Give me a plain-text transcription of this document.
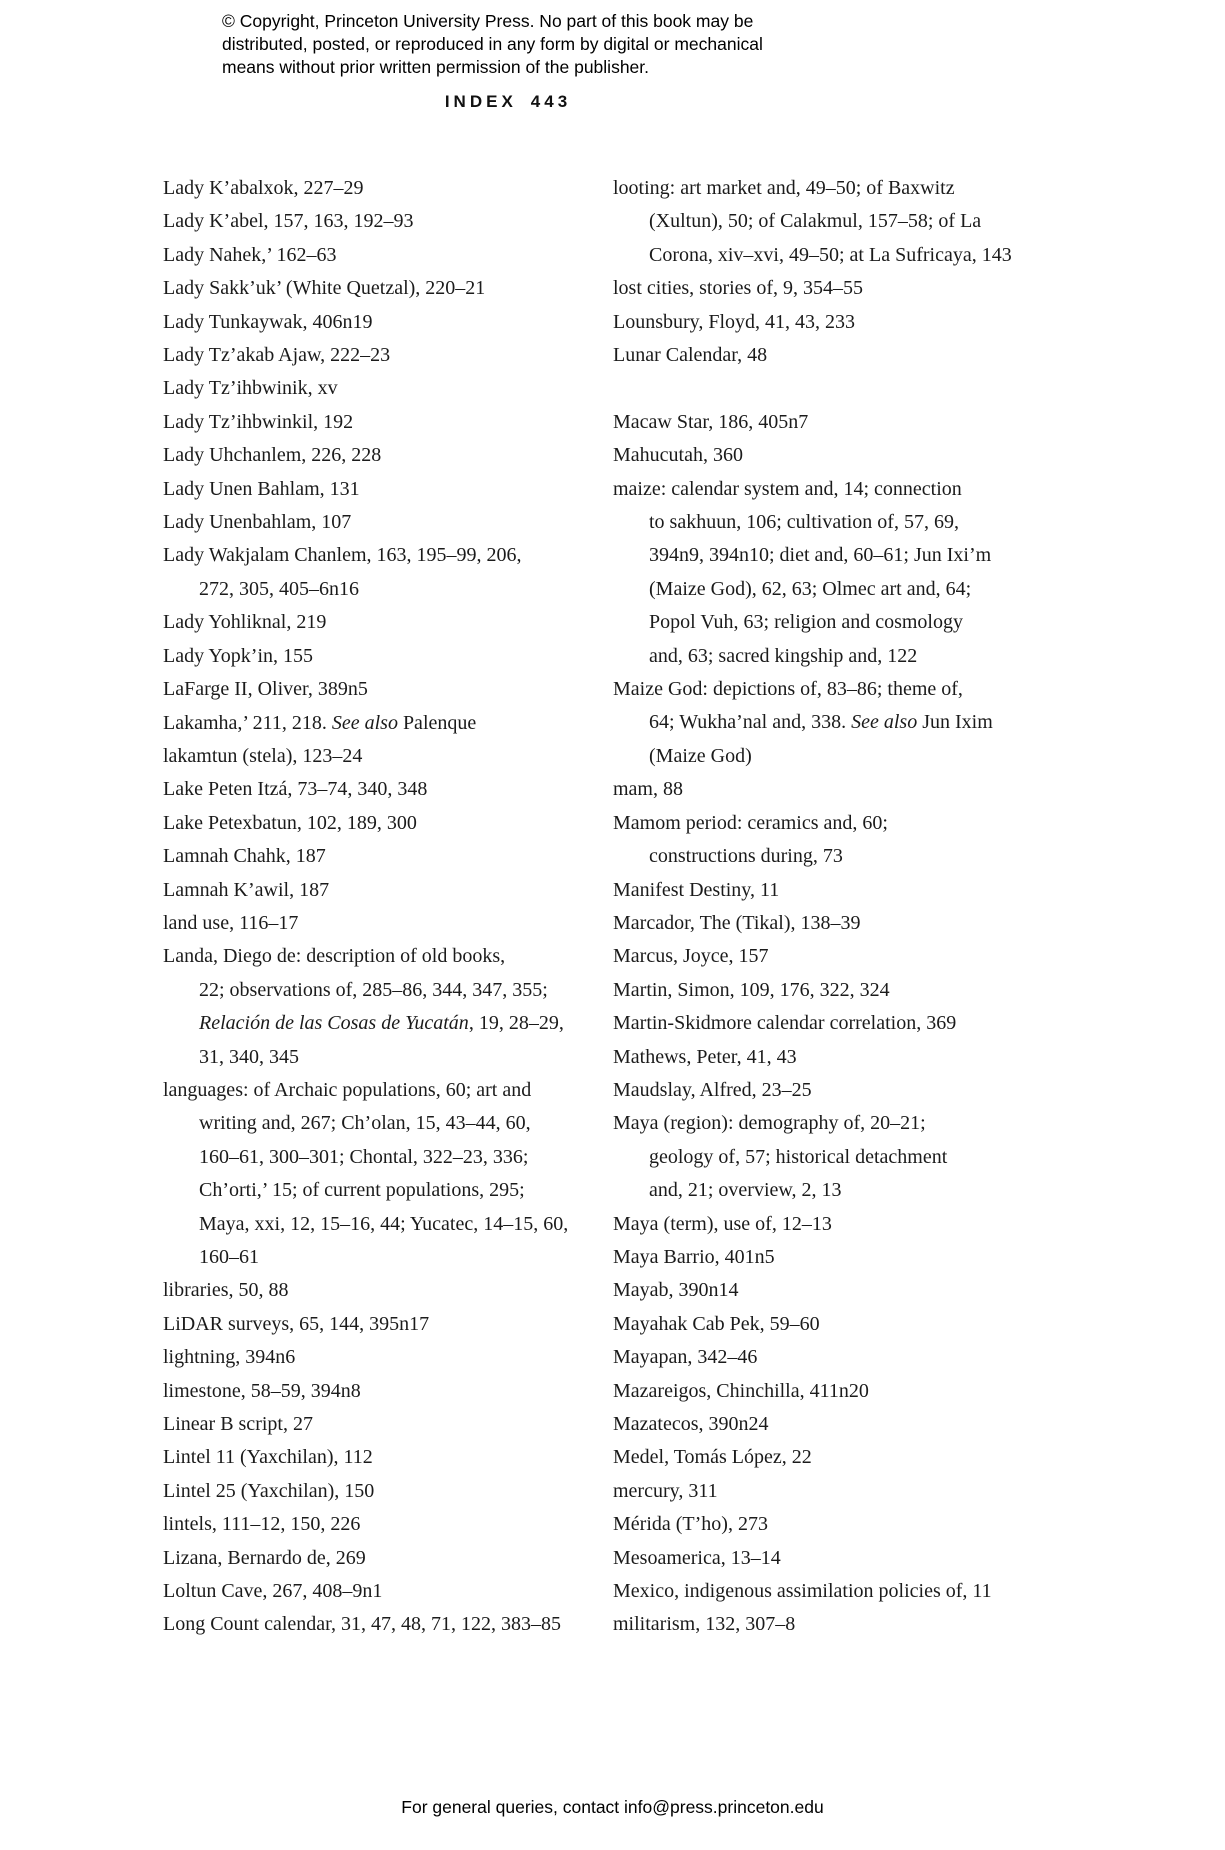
© Copyright, Princeton University Press. No part of this book may be
distributed, posted, or reproduced in any form by digital or mechanical
means without prior written permission of the publisher.
INDEX 443
Lady K’abalxok, 227–29
Lady K’abel, 157, 163, 192–93
Lady Nahek,’ 162–63
Lady Sakk’uk’ (White Quetzal), 220–21
Lady Tunkaywak, 406n19
Lady Tz’akab Ajaw, 222–23
Lady Tz’ihbwinik, xv
Lady Tz’ihbwinkil, 192
Lady Uhchanlem, 226, 228
Lady Unen Bahlam, 131
Lady Unenbahlam, 107
Lady Wakjalam Chanlem, 163, 195–99, 206,
272, 305, 405–6n16
Lady Yohliknal, 219
Lady Yopk’in, 155
LaFarge II, Oliver, 389n5
Lakamha,’ 211, 218. See also Palenque
lakamtun (stela), 123–24
Lake Peten Itzá, 73–74, 340, 348
Lake Petexbatun, 102, 189, 300
Lamnah Chahk, 187
Lamnah K’awil, 187
land use, 116–17
Landa, Diego de: description of old books,
22; observations of, 285–86, 344, 347, 355;
Relación de las Cosas de Yucatán, 19, 28–29,
31, 340, 345
languages: of Archaic populations, 60; art and
writing and, 267; Ch’olan, 15, 43–44, 60,
160–61, 300–301; Chontal, 322–23, 336;
Ch’orti,’ 15; of current populations, 295;
Maya, xxi, 12, 15–16, 44; Yucatec, 14–15, 60,
160–61
libraries, 50, 88
LiDAR surveys, 65, 144, 395n17
lightning, 394n6
limestone, 58–59, 394n8
Linear B script, 27
Lintel 11 (Yaxchilan), 112
Lintel 25 (Yaxchilan), 150
lintels, 111–12, 150, 226
Lizana, Bernardo de, 269
Loltun Cave, 267, 408–9n1
Long Count calendar, 31, 47, 48, 71, 122, 383–85
looting: art market and, 49–50; of Baxwitz
(Xultun), 50; of Calakmul, 157–58; of La
Corona, xiv–xvi, 49–50; at La Sufricaya, 143
lost cities, stories of, 9, 354–55
Lounsbury, Floyd, 41, 43, 233
Lunar Calendar, 48
Macaw Star, 186, 405n7
Mahucutah, 360
maize: calendar system and, 14; connection
to sakhuun, 106; cultivation of, 57, 69,
394n9, 394n10; diet and, 60–61; Jun Ixi’m
(Maize God), 62, 63; Olmec art and, 64;
Popol Vuh, 63; religion and cosmology
and, 63; sacred kingship and, 122
Maize God: depictions of, 83–86; theme of,
64; Wukha’nal and, 338. See also Jun Ixim
(Maize God)
mam, 88
Mamom period: ceramics and, 60;
constructions during, 73
Manifest Destiny, 11
Marcador, The (Tikal), 138–39
Marcus, Joyce, 157
Martin, Simon, 109, 176, 322, 324
Martin-Skidmore calendar correlation, 369
Mathews, Peter, 41, 43
Maudslay, Alfred, 23–25
Maya (region): demography of, 20–21;
geology of, 57; historical detachment
and, 21; overview, 2, 13
Maya (term), use of, 12–13
Maya Barrio, 401n5
Mayab, 390n14
Mayahak Cab Pek, 59–60
Mayapan, 342–46
Mazareigos, Chinchilla, 411n20
Mazatecos, 390n24
Medel, Tomás López, 22
mercury, 311
Mérida (T’ho), 273
Mesoamerica, 13–14
Mexico, indigenous assimilation policies of, 11
militarism, 132, 307–8
For general queries, contact info@press.princeton.edu
